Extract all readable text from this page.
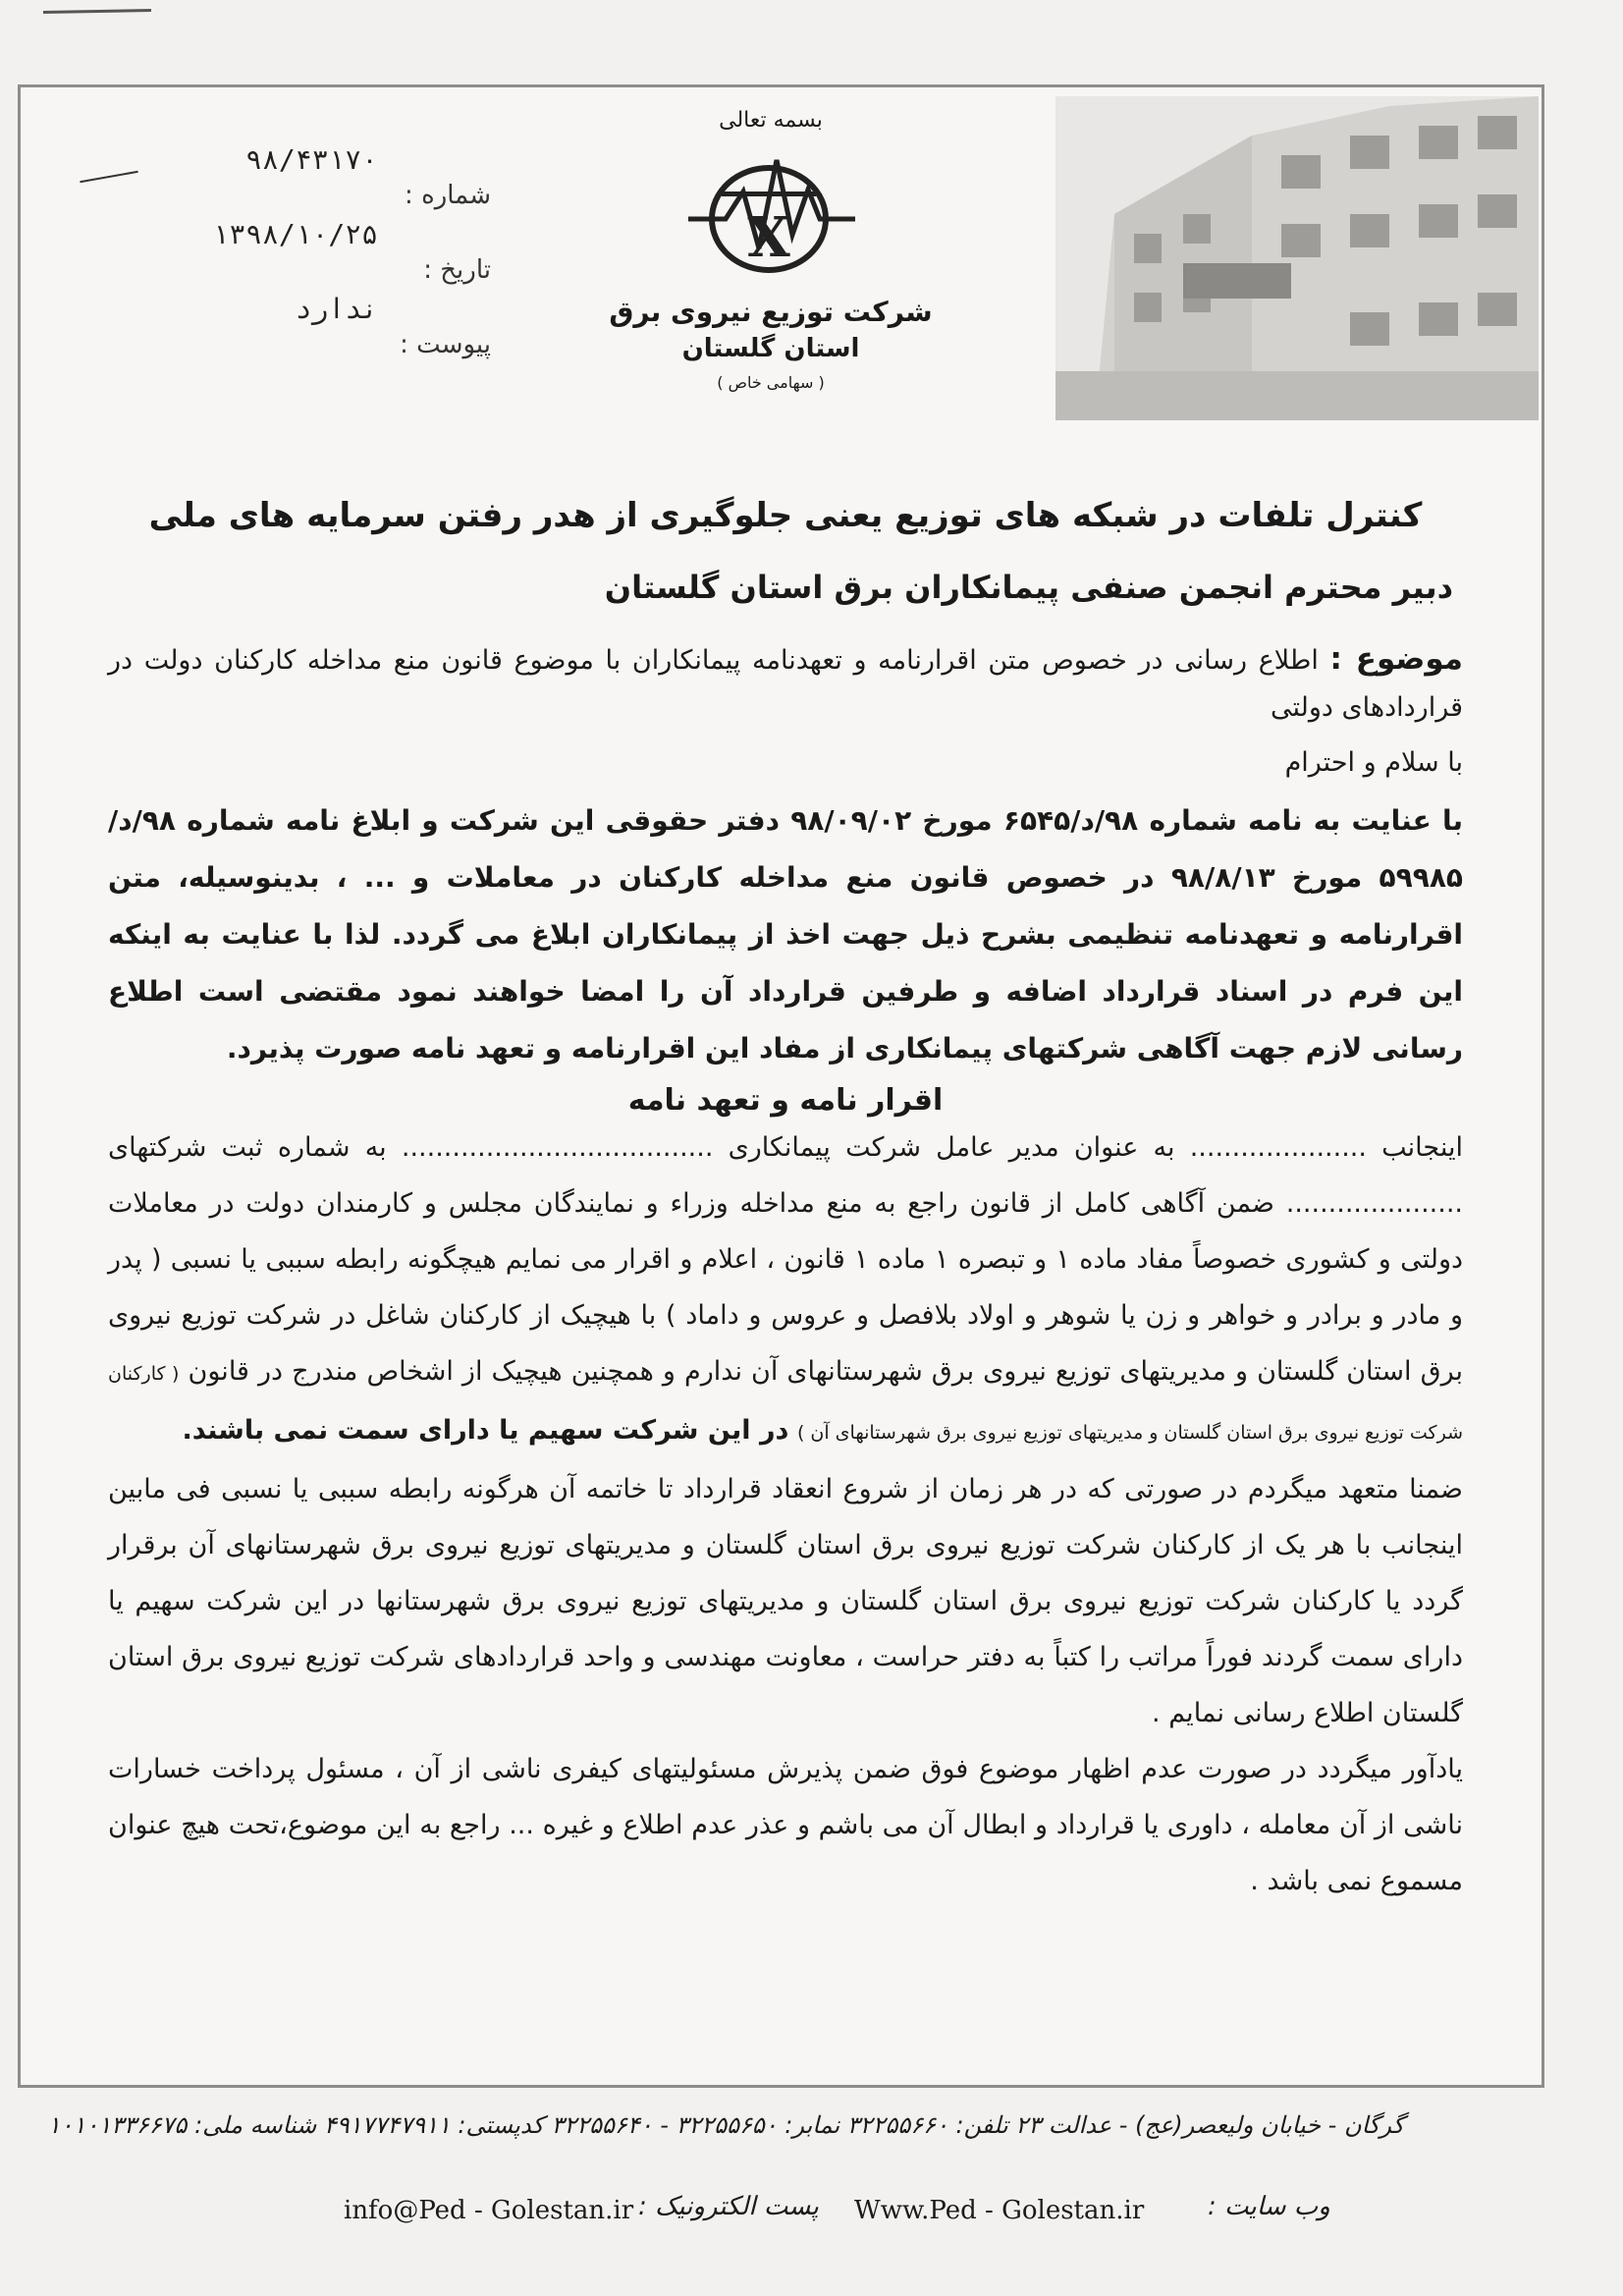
شماره :
۹۸/۴۳۱۷۰
تاریخ :
۱۳۹۸/۱۰/۲۵
پیوست :
ندارد
بسمه تعالی
X
شرکت توزیع نیروی برق
استان گلستان
( سهامی خاص )

کنترل تلفات در شبکه های توزیع یعنی جلوگیری از هدر رفتن سرمایه های ملی

دبیر محترم انجمن صنفی پیمانکاران برق استان گلستان

موضوع : اطلاع رسانی در خصوص متن اقرارنامه و تعهدنامه پیمانکاران با موضوع قانون منع مداخله کارکنان دولت در قراردادهای دولتی

با سلام و احترام

با عنایت به نامه شماره ۹۸/د/۶۵۴۵ مورخ ۹۸/۰۹/۰۲ دفتر حقوقی این شرکت و ابلاغ نامه شماره ۹۸/د/۵۹۹۸۵ مورخ ۹۸/۸/۱۳ در خصوص قانون منع مداخله کارکنان در معاملات و ... ، بدینوسیله، متن اقرارنامه و تعهدنامه تنظیمی بشرح ذیل جهت اخذ از پیمانکاران ابلاغ می گردد. لذا با عنایت به اینکه این فرم در اسناد قرارداد اضافه و طرفین قرارداد آن را امضا خواهند نمود مقتضی است اطلاع رسانی لازم جهت آگاهی شرکتهای پیمانکاری از مفاد این اقرارنامه و تعهد نامه صورت پذیرد.

اقرار نامه و تعهد نامه

اینجانب ..................... به عنوان مدیر عامل شرکت پیمانکاری ..................................... به شماره ثبت شرکتهای ..................... ضمن آگاهی کامل از قانون راجع به منع مداخله وزراء و نمایندگان مجلس و کارمندان دولت در معاملات دولتی و کشوری خصوصاً مفاد ماده ۱ و تبصره ۱ ماده ۱ قانون ، اعلام و اقرار می نمایم هیچگونه رابطه سببی یا نسبی ( پدر و مادر و برادر و خواهر و زن یا شوهر و اولاد بلافصل و عروس و داماد ) با هیچیک از کارکنان شاغل در شرکت توزیع نیروی برق استان گلستان و مدیریتهای توزیع نیروی برق شهرستانهای آن ندارم و همچنین هیچیک از اشخاص مندرج در قانون ( کارکنان شرکت توزیع نیروی برق استان گلستان و مدیریتهای توزیع نیروی برق شهرستانهای آن ) در این شرکت سهیم یا دارای سمت نمی باشند.

ضمنا متعهد میگردم در صورتی که در هر زمان از شروع انعقاد قرارداد تا خاتمه آن هرگونه رابطه سببی یا نسبی فی مابین اینجانب با هر یک از کارکنان شرکت توزیع نیروی برق استان گلستان و مدیریتهای توزیع نیروی برق شهرستانهای آن برقرار گردد یا کارکنان شرکت توزیع نیروی برق استان گلستان و مدیریتهای توزیع نیروی برق شهرستانها در این شرکت سهیم یا دارای سمت گردند فوراً مراتب را کتباً به دفتر حراست ، معاونت مهندسی و واحد قراردادهای شرکت توزیع نیروی برق استان گلستان اطلاع رسانی نمایم .

یادآور میگردد در صورت عدم اظهار موضوع فوق ضمن پذیرش مسئولیتهای کیفری ناشی از آن ، مسئول پرداخت خسارات ناشی از آن معامله ، داوری یا قرارداد و ابطال آن می باشم و عذر عدم اطلاع و غیره ... راجع به این موضوع،تحت هیچ عنوان مسموع نمی باشد .

گرگان - خیابان ولیعصر(عج) - عدالت ۲۳ تلفن: ۳۲۲۵۵۶۶۰ نمابر: ۳۲۲۵۵۶۵۰ - ۳۲۲۵۵۶۴۰ کدپستی: ۴۹۱۷۷۴۷۹۱۱ شناسه ملی: ۱۰۱۰۱۳۳۶۶۷۵
info@Ped - Golestan.ir پست الکترونیک : Www.Ped - Golestan.ir وب سایت :
